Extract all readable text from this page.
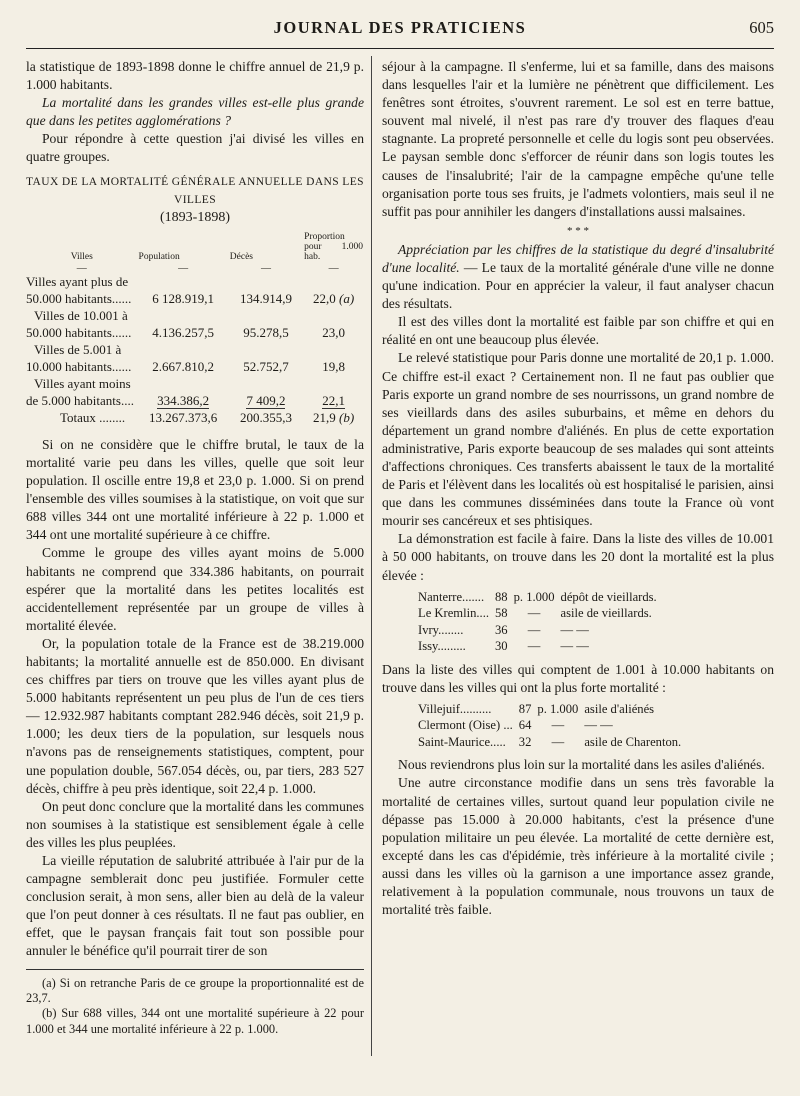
JOURNAL DES PRATICIENS	605

la statistique de 1893-1898 donne le chiffre annuel de 21,9 p. 1.000 habitants.

La mortalité dans les grandes villes est-elle plus grande que dans les petites agglomérations ?

Pour répondre à cette question j'ai divisé les villes en quatre groupes.

TAUX DE LA MORTALITÉ GÉNÉRALE ANNUELLE DANS LES VILLES
(1893-1898)
Villes	Population	Décès	Proportion pour 1.000 hab.
—	—	—	—
Villes ayant plus de			
50.000 habitants......	6 128.919,1	134.914,9	22,0 (a)
Villes de 10.001 à			
50.000 habitants......	4.136.257,5	95.278,5	23,0
Villes de 5.001 à			
10.000 habitants......	2.667.810,2	52.752,7	19,8
Villes ayant moins			
de 5.000 habitants....	334.386,2	7 409,2	22,1
Totaux ........	13.267.373,6	200.355,3	21,9 (b)

Si on ne considère que le chiffre brutal, le taux de la mortalité varie peu dans les villes, quelle que soit leur population. Il oscille entre 19,8 et 23,0 p. 1.000. Si on prend l'ensemble des villes soumises à la statistique, on voit que sur 688 villes 344 ont une mortalité inférieure à 22 p. 1.000 et 344 ont une mortalité supérieure à ce chiffre.

Comme le groupe des villes ayant moins de 5.000 habitants ne comprend que 334.386 habitants, on pourrait espérer que la mortalité dans les petites localités est accidentellement représentée par un groupe de villes à mortalité élevée.

Or, la population totale de la France est de 38.219.000 habitants; la mortalité annuelle est de 850.000. En divisant ces chiffres par tiers on trouve que les villes ayant plus de 5.000 habitants représentent un peu plus de l'un de ces tiers — 12.932.987 habitants comptant 282.946 décès, soit 21,9 p. 1.000; les deux tiers de la population, sur lesquels nous n'avons pas de renseignements statistiques, comptent, pour une population double, 567.054 décès, ou, par tiers, 283 527 décès, chiffre à peu près identique, soit 22,4 p. 1.000.

On peut donc conclure que la mortalité dans les communes non soumises à la statistique est sensiblement égale à celle des villes les plus peuplées.

La vieille réputation de salubrité attribuée à l'air pur de la campagne semblerait donc peu justifiée. Formuler cette conclusion serait, à mon sens, aller bien au delà de la valeur que l'on peut donner à ces résultats. Il ne faut pas oublier, en effet, que le paysan français fait tout son possible pour annuler le bénéfice qu'il pourrait tirer de son

(a) Si on retranche Paris de ce groupe la proportionnalité est de 23,7.

(b) Sur 688 villes, 344 ont une mortalité supérieure à 22 pour 1.000 et 344 une mortalité inférieure à 22 p. 1.000.

séjour à la campagne. Il s'enferme, lui et sa famille, dans des maisons dans lesquelles l'air et la lumière ne pénètrent que difficilement. Les fenêtres sont étroites, s'ouvrent rarement. Le sol est en terre battue, souvent mal nivelé, il n'est pas rare d'y trouver des flaques d'eau stagnante. La propreté personnelle et celle du logis sont peu observées. Le paysan semble donc s'efforcer de réunir dans son logis toutes les causes de l'insalubrité; l'air de la campagne empêche qu'une telle organisation porte tous ses fruits, je l'admets volontiers, mais seul il ne suffit pas pour annihiler les dangers d'installations aussi malsaines.

* * *

Appréciation par les chiffres de la statistique du degré d'insalubrité d'une localité. — Le taux de la mortalité générale d'une ville ne donne qu'une indication. Pour en apprécier la valeur, il faut analyser chacun des résultats.

Il est des villes dont la mortalité est faible par son chiffre et qui en réalité en ont une beaucoup plus élevée.

Le relevé statistique pour Paris donne une mortalité de 20,1 p. 1.000. Ce chiffre est-il exact ? Certainement non. Il ne faut pas oublier que Paris exporte un grand nombre de ses nourrissons, un grand nombre de ses vieillards dans des asiles suburbains, et même en dehors du département un grand nombre d'aliénés. En plus de cette exportation administrative, Paris exporte beaucoup de ses malades qui sont atteints d'affections chroniques. Ces transferts abaissent le taux de la mortalité de Paris et l'élèvent dans les localités où est hospitalisé le parisien, ainsi que dans les communes disséminées dans toute la France où vont mourir ses cancéreux et ses phtisiques.

La démonstration est facile à faire. Dans la liste des villes de 10.001 à 50 000 habitants, on trouve dans les 20 dont la mortalité est la plus élevée :

Nanterre.......	88	p. 1.000	dépôt de vieillards.
Le Kremlin....	58	—	asile de vieillards.
Ivry........	36	—	— —
Issy.........	30	—	— —

Dans la liste des villes qui comptent de 1.001 à 10.000 habitants on trouve dans les villes qui ont la plus forte mortalité :

Villejuif..........	87	p. 1.000	asile d'aliénés
Clermont (Oise) ...	64	—	— —
Saint-Maurice.....	32	—	asile de Charenton.

Nous reviendrons plus loin sur la mortalité dans les asiles d'aliénés.

Une autre circonstance modifie dans un sens très favorable la mortalité de certaines villes, surtout quand leur population civile ne dépasse pas 15.000 à 20.000 habitants, c'est la présence d'une population militaire un peu élevée. La mortalité de cette dernière est, excepté dans les cas d'épidémie, très inférieure à la mortalité civile ; aussi dans les villes où la garnison a une importance assez grande, relativement à la population communale, nous trouvons un taux de mortalité très faible.
